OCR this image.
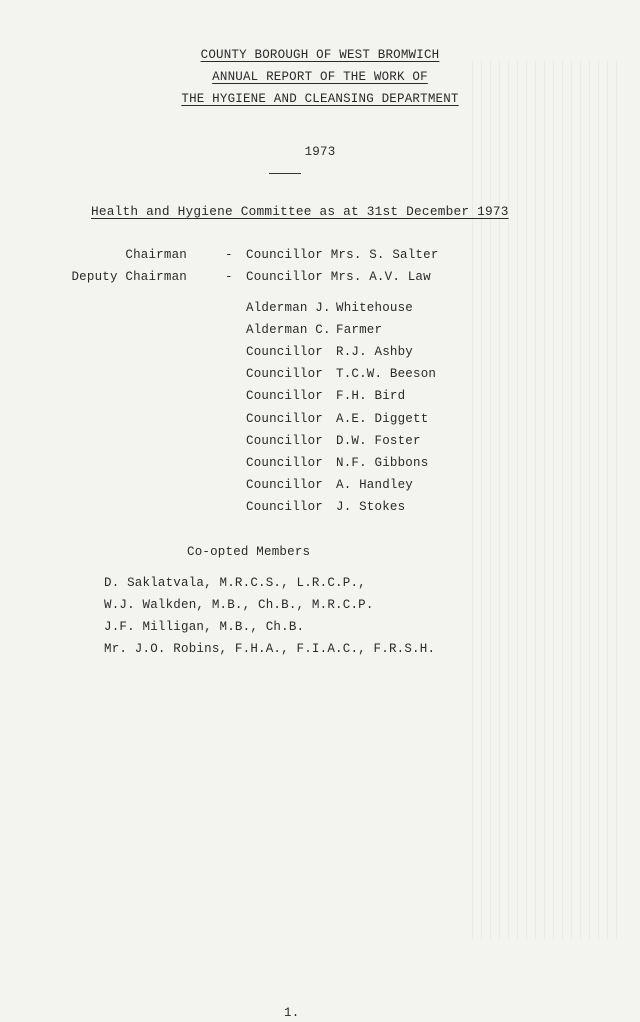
COUNTY BOROUGH OF WEST BROMWICH
ANNUAL REPORT OF THE WORK OF
THE HYGIENE AND CLEANSING DEPARTMENT
1973
Health and Hygiene Committee as at 31st December 1973
Chairman	- Councillor Mrs. S. Salter
Deputy Chairman	- Councillor Mrs. A.V. Law
Alderman J. Whitehouse
Alderman C. Farmer
Councillor R.J. Ashby
Councillor T.C.W. Beeson
Councillor F.H. Bird
Councillor A.E. Diggett
Councillor D.W. Foster
Councillor N.F. Gibbons
Councillor A. Handley
Councillor J. Stokes
Co-opted Members
D. Saklatvala, M.R.C.S., L.R.C.P.,
W.J. Walkden, M.B., Ch.B., M.R.C.P.
J.F. Milligan, M.B., Ch.B.
Mr. J.O. Robins, F.H.A., F.I.A.C., F.R.S.H.
1.
